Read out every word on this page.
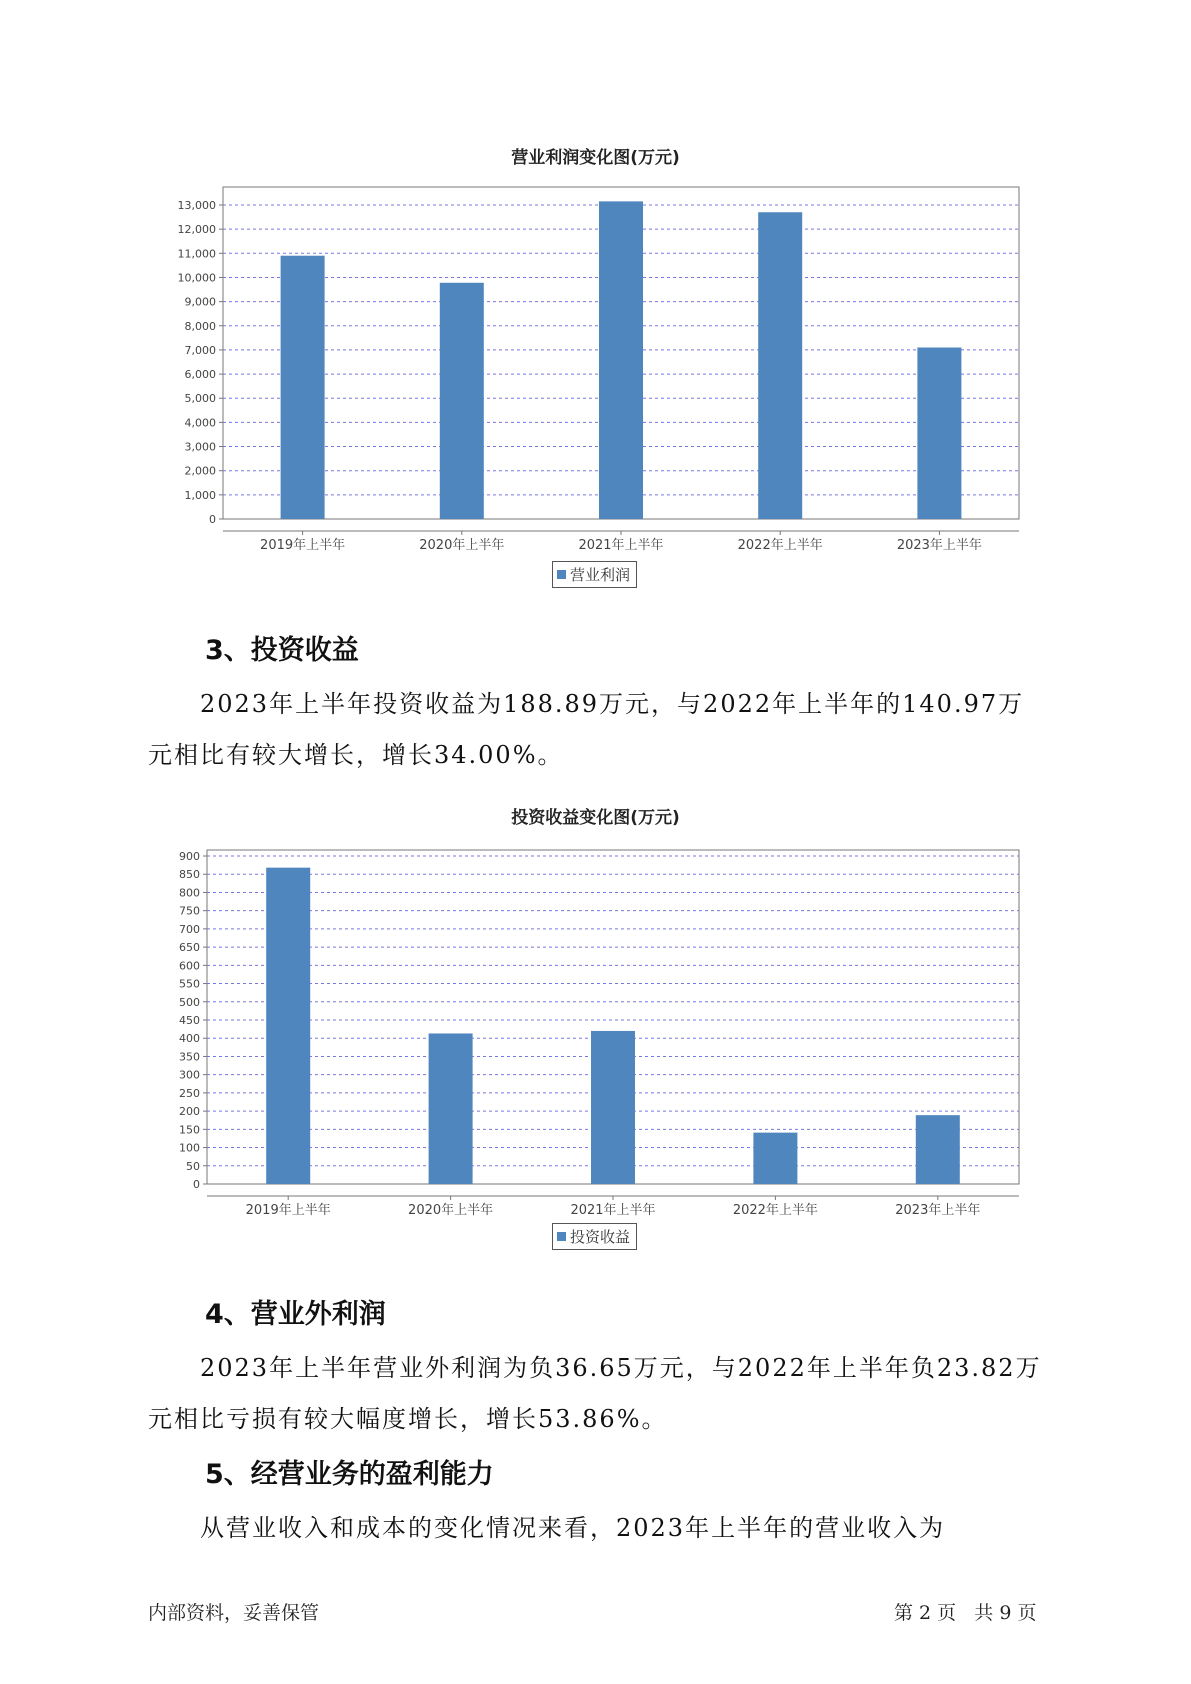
营业利润变化图(万元)
0
1,000
2,000
3,000
4,000
5,000
6,000
7,000
8,000
9,000
10,000
11,000
12,000
13,000
2019年上半年	2020年上半年	2021年上半年	2022年上半年	2023年上半年
营业利润
3、投资收益

2023年上半年投资收益为188.89万元，与2022年上半年的140.97万元相比有较大增长，增长34.00%。

投资收益变化图(万元)
0
50
100
150
200
250
300
350
400
450
500
550
600
650
700
750
800
850
900
2019年上半年	2020年上半年	2021年上半年	2022年上半年	2023年上半年
投资收益
4、营业外利润

2023年上半年营业外利润为负36.65万元，与2022年上半年负23.82万元相比亏损有较大幅度增长，增长53.86%。

5、经营业务的盈利能力

从营业收入和成本的变化情况来看，2023年上半年的营业收入为

内部资料，妥善保管	第 2 页   共 9 页
